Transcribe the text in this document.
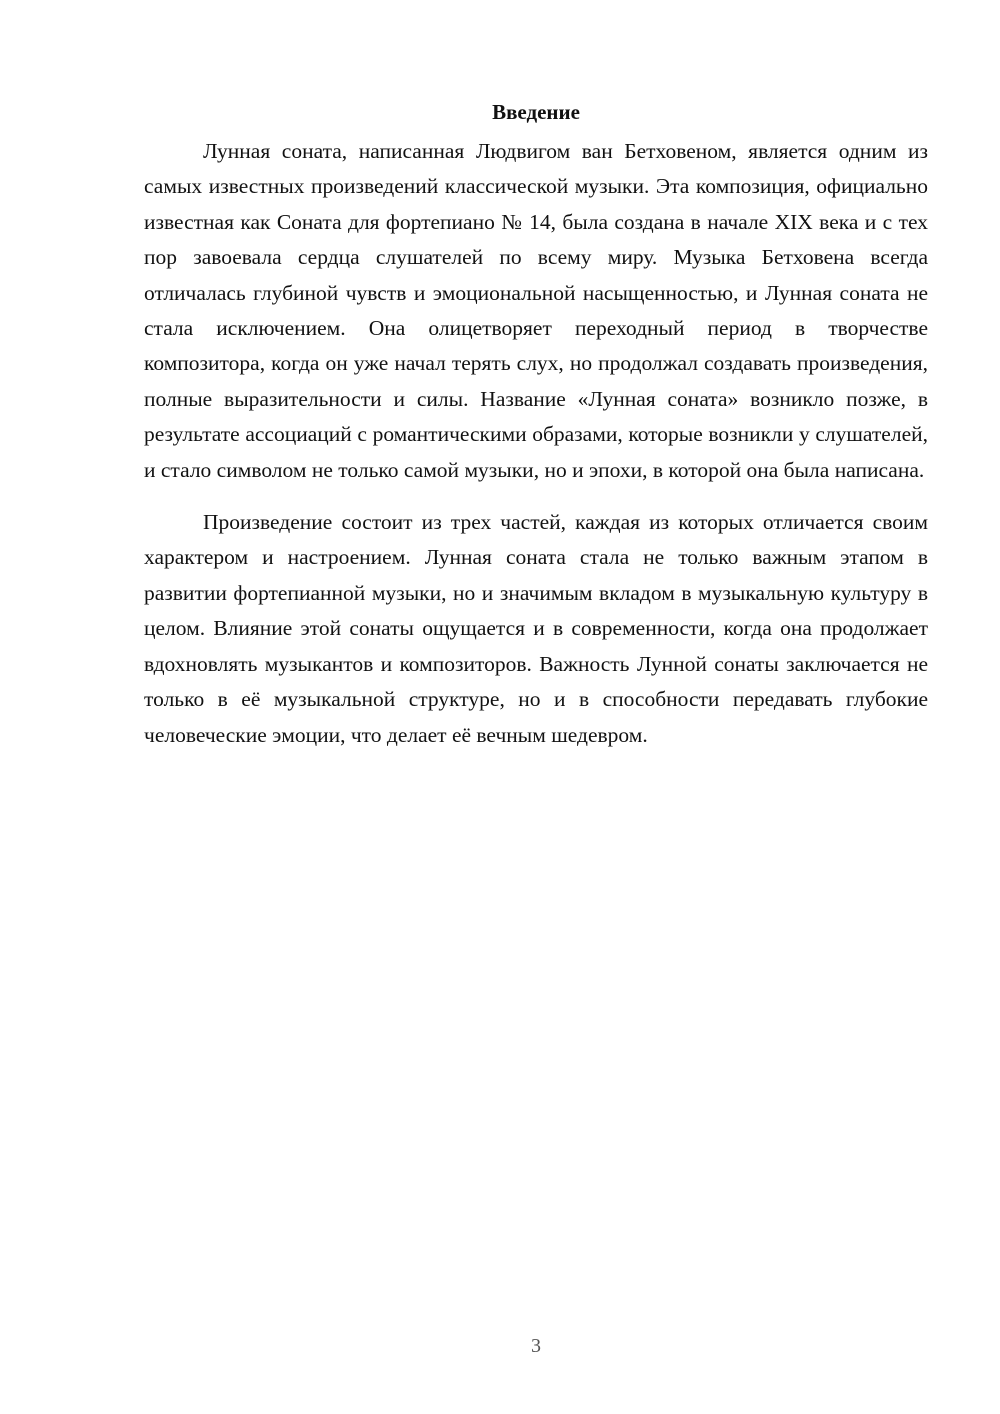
Введение

Лунная соната, написанная Людвигом ван Бетховеном, является одним из самых известных произведений классической музыки. Эта композиция, официально известная как Соната для фортепиано № 14, была создана в начале XIX века и с тех пор завоевала сердца слушателей по всему миру. Музыка Бетховена всегда отличалась глубиной чувств и эмоциональной насыщенностью, и Лунная соната не стала исключением. Она олицетворяет переходный период в творчестве композитора, когда он уже начал терять слух, но продолжал создавать произведения, полные выразительности и силы. Название «Лунная соната» возникло позже, в результате ассоциаций с романтическими образами, которые возникли у слушателей, и стало символом не только самой музыки, но и эпохи, в которой она была написана.

Произведение состоит из трех частей, каждая из которых отличается своим характером и настроением. Лунная соната стала не только важным этапом в развитии фортепианной музыки, но и значимым вкладом в музыкальную культуру в целом. Влияние этой сонаты ощущается и в современности, когда она продолжает вдохновлять музыкантов и композиторов. Важность Лунной сонаты заключается не только в её музыкальной структуре, но и в способности передавать глубокие человеческие эмоции, что делает её вечным шедевром.

3
